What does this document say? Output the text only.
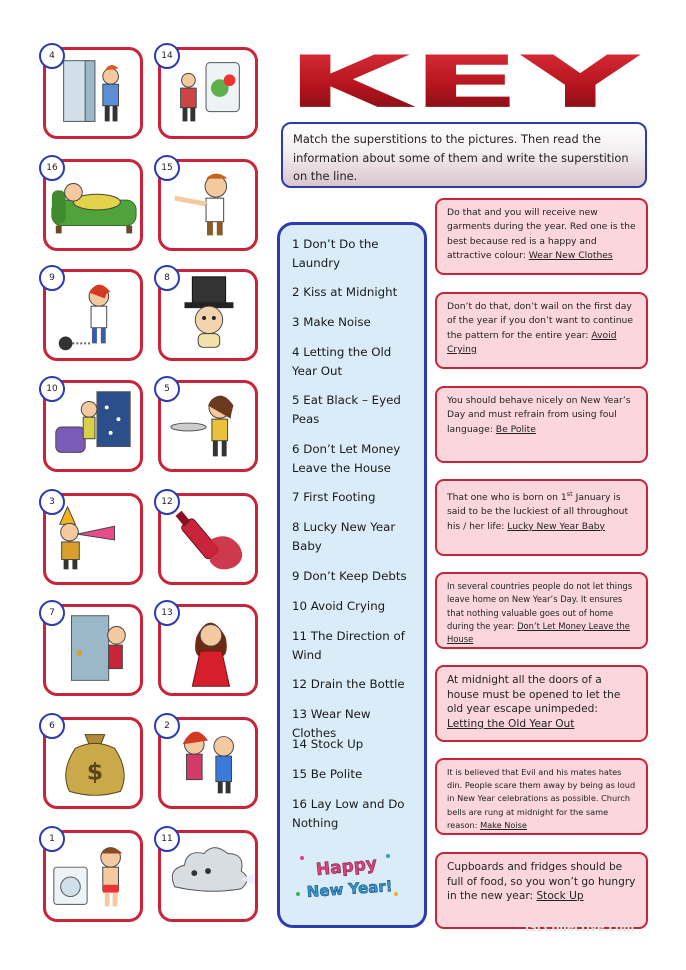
4	14
16	15
9	8
10	5
3	12
7	13
$
6	2
1	11
KEY
Match the superstitions to the pictures. Then read the information about some of them and write the superstition on the line.
1 Don’t Do the Laundry
2 Kiss at Midnight
3 Make Noise
4 Letting the Old Year Out
5 Eat Black – Eyed Peas
6 Don’t Let Money Leave the House
7 First Footing
8 Lucky New Year Baby
9 Don’t Keep Debts
10 Avoid Crying
11 The Direction of Wind
12 Drain the Bottle
13 Wear New Clothes
14 Stock Up
15 Be Polite
16 Lay Low and Do Nothing
Happy
New Year!
Do that and you will receive new garments during the year. Red one is the best because red is a happy and attractive colour: Wear New Clothes
Don’t do that, don’t wail on the first day of the year if you don’t want to continue the pattern for the entire year: Avoid Crying
You should behave nicely on New Year’s Day and must refrain from using foul language: Be Polite
That one who is born on 1st January is said to be the luckiest of all throughout his / her life: Lucky New Year Baby
In several countries people do not let things leave home on New Year’s Day. It ensures that nothing valuable goes out of home during the year: Don’t Let Money Leave the House
At midnight all the doors of a house must be opened to let the old year escape unimpeded: Letting the Old Year Out
It is believed that Evil and his mates hates din. People scare them away by being as loud in New Year celebrations as possible. Church bells are rung at midnight for the same reason: Make Noise
Cupboards and fridges should be full of food, so you won’t go hungry in the new year: Stock Up
iSLCollective.com
